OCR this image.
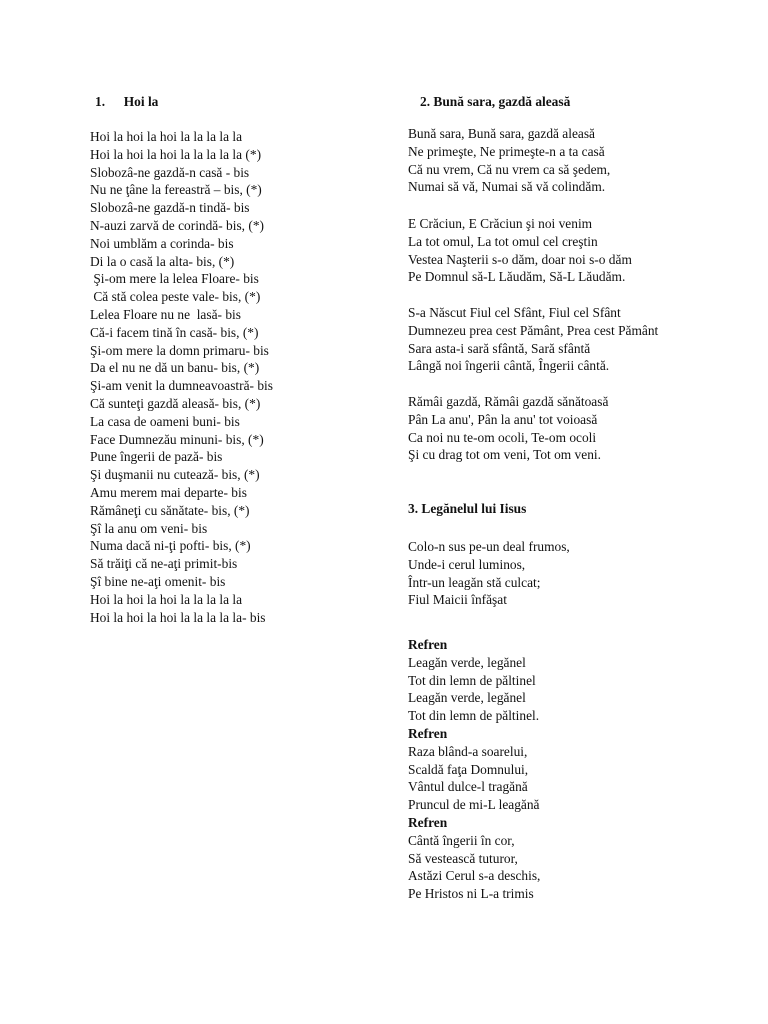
1. Hoi la
Hoi la hoi la hoi la la la la la
Hoi la hoi la hoi la la la la la (*)
Slobozâ-ne gazdă-n casă - bis
Nu ne ţâne la fereastră – bis, (*)
Slobozâ-ne gazdă-n tindă- bis
N-auzi zarvă de corindă- bis, (*)
Noi umblăm a corinda- bis
Di la o casă la alta- bis, (*)
Şi-om mere la lelea Floare- bis
Că stă colea peste vale- bis, (*)
Lelea Floare nu ne  lasă- bis
Că-i facem tină în casă- bis, (*)
Şi-om mere la domn primaru- bis
Da el nu ne dă un banu- bis, (*)
Şi-am venit la dumneavoastră- bis
Că sunteţi gazdă aleasă- bis, (*)
La casa de oameni buni- bis
Face Dumnezău minuni- bis, (*)
Pune îngerii de pază- bis
Şi duşmanii nu cutează- bis, (*)
Amu merem mai departe- bis
Rămâneţi cu sănătate- bis, (*)
Şî la anu om veni- bis
Numa dacă ni-ţi pofti- bis, (*)
Să trăiţi că ne-aţi primit-bis
Şî bine ne-aţi omenit- bis
Hoi la hoi la hoi la la la la la
Hoi la hoi la hoi la la la la la- bis
2. Bună sara, gazdă aleasă
Bună sara, Bună sara, gazdă aleasă
Ne primeşte, Ne primeşte-n a ta casă
Că nu vrem, Că nu vrem ca să şedem,
Numai să vă, Numai să vă colindăm.
E Crăciun, E Crăciun şi noi venim
La tot omul, La tot omul cel creştin
Vestea Naşterii s-o dăm, doar noi s-o dăm
Pe Domnul să-L Lăudăm, Să-L Lăudăm.
S-a Născut Fiul cel Sfânt, Fiul cel Sfânt
Dumnezeu prea cest Pământ, Prea cest Pământ
Sara asta-i sară sfântă, Sară sfântă
Lângă noi îngerii cântă, Îngerii cântă.
Rămâi gazdă, Rămâi gazdă sănătoasă
Pân La anu', Pân la anu' tot voioasă
Ca noi nu te-om ocoli, Te-om ocoli
Şi cu drag tot om veni, Tot om veni.
3. Legănelul lui Iisus
Colo-n sus pe-un deal frumos,
Unde-i cerul luminos,
Într-un leagăn stă culcat;
Fiul Maicii înfăşat
Refren
Leagăn verde, legănel
Tot din lemn de păltinel
Leagăn verde, legănel
Tot din lemn de păltinel.
Refren
Raza blând-a soarelui,
Scaldă faţa Domnului,
Vântul dulce-l tragănă
Pruncul de mi-L leagănă
Refren
Cântă îngerii în cor,
Să vestească tuturor,
Astăzi Cerul s-a deschis,
Pe Hristos ni L-a trimis
